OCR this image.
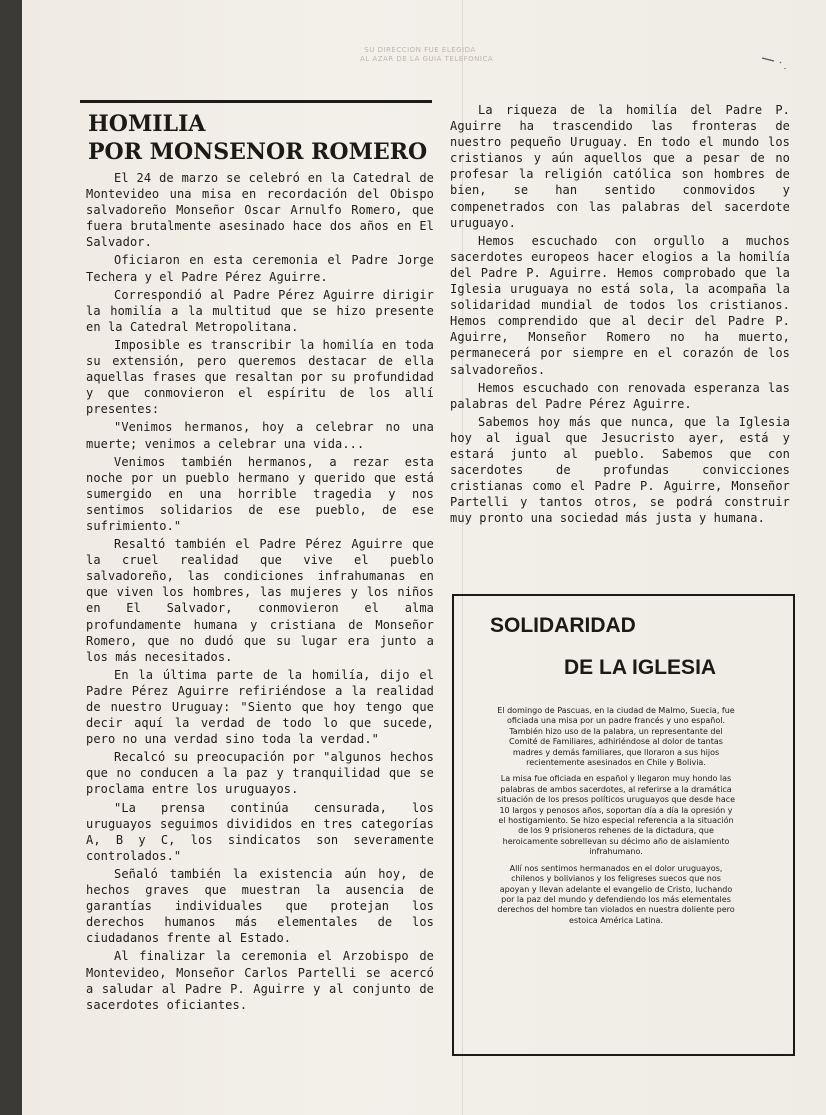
SU DIRECCION FUE ELEGIDA
AL AZAR DE LA GUIA TELEFONICA
HOMILIA
POR MONSENOR ROMERO

El 24 de marzo se celebró en la Catedral de Montevideo una misa en recordación del Obispo salvadoreño Monseñor Oscar Arnulfo Romero, que fuera brutalmente asesinado hace dos años en El Salvador.

Oficiaron en esta ceremonia el Padre Jorge Techera y el Padre Pérez Aguirre.

Correspondió al Padre Pérez Aguirre dirigir la homilía a la multitud que se hizo presente en la Catedral Metropolitana.

Imposible es transcribir la homilía en toda su extensión, pero queremos destacar de ella aquellas frases que resaltan por su profundidad y que conmovieron el espíritu de los allí presentes:

"Venimos hermanos, hoy a celebrar no una muerte; venimos a celebrar una vida...

Venimos también hermanos, a rezar esta noche por un pueblo hermano y querido que está sumergido en una horrible tragedia y nos sentimos solidarios de ese pueblo, de ese sufrimiento."

Resaltó también el Padre Pérez Aguirre que la cruel realidad que vive el pueblo salvadoreño, las condiciones infrahumanas en que viven los hombres, las mujeres y los niños en El Salvador, conmovieron el alma profundamente humana y cristiana de Monseñor Romero, que no dudó que su lugar era junto a los más necesitados.

En la última parte de la homilía, dijo el Padre Pérez Aguirre refiriéndose a la realidad de nuestro Uruguay: "Siento que hoy tengo que decir aquí la verdad de todo lo que sucede, pero no una verdad sino toda la verdad."

Recalcó su preocupación por "algunos hechos que no conducen a la paz y tranquilidad que se proclama entre los uruguayos.

"La prensa continúa censurada, los uruguayos seguimos divididos en tres categorías A, B y C, los sindicatos son severamente controlados."

Señaló también la existencia aún hoy, de hechos graves que muestran la ausencia de garantías individuales que protejan los derechos humanos más elementales de los ciudadanos frente al Estado.

Al finalizar la ceremonia el Arzobispo de Montevideo, Monseñor Carlos Partelli se acercó a saludar al Padre P. Aguirre y al conjunto de sacerdotes oficiantes.

La riqueza de la homilía del Padre P. Aguirre ha trascendido las fronteras de nuestro pequeño Uruguay. En todo el mundo los cristianos y aún aquellos que a pesar de no profesar la religión católica son hombres de bien, se han sentido conmovidos y compenetrados con las palabras del sacerdote uruguayo.

Hemos escuchado con orgullo a muchos sacerdotes europeos hacer elogios a la homilía del Padre P. Aguirre. Hemos comprobado que la Iglesia uruguaya no está sola, la acompaña la solidaridad mundial de todos los cristianos. Hemos comprendido que al decir del Padre P. Aguirre, Monseñor Romero no ha muerto, permanecerá por siempre en el corazón de los salvadoreños.

Hemos escuchado con renovada esperanza las palabras del Padre Pérez Aguirre.

Sabemos hoy más que nunca, que la Iglesia hoy al igual que Jesucristo ayer, está y estará junto al pueblo. Sabemos que con sacerdotes de profundas convicciones cristianas como el Padre P. Aguirre, Monseñor Partelli y tantos otros, se podrá construir muy pronto una sociedad más justa y humana.

SOLIDARIDAD
DE LA IGLESIA

El domingo de Pascuas, en la ciudad de Malmo, Suecia, fue oficiada una misa por un padre francés y uno español. También hizo uso de la palabra, un representante del Comité de Familiares, adhiriéndose al dolor de tantas madres y demás familiares, que lloraron a sus hijos recientemente asesinados en Chile y Bolivia.

La misa fue oficiada en español y llegaron muy hondo las palabras de ambos sacerdotes, al referirse a la dramática situación de los presos políticos uruguayos que desde hace 10 largos y penosos años, soportan día a día la opresión y el hostigamiento. Se hizo especial referencia a la situación de los 9 prisioneros rehenes de la dictadura, que heroicamente sobrellevan su décimo año de aislamiento infrahumano.

Allí nos sentimos hermanados en el dolor uruguayos, chilenos y bolivianos y los feligreses suecos que nos apoyan y llevan adelante el evangelio de Cristo, luchando por la paz del mundo y defendiendo los más elementales derechos del hombre tan violados en nuestra doliente pero estoica América Latina.
